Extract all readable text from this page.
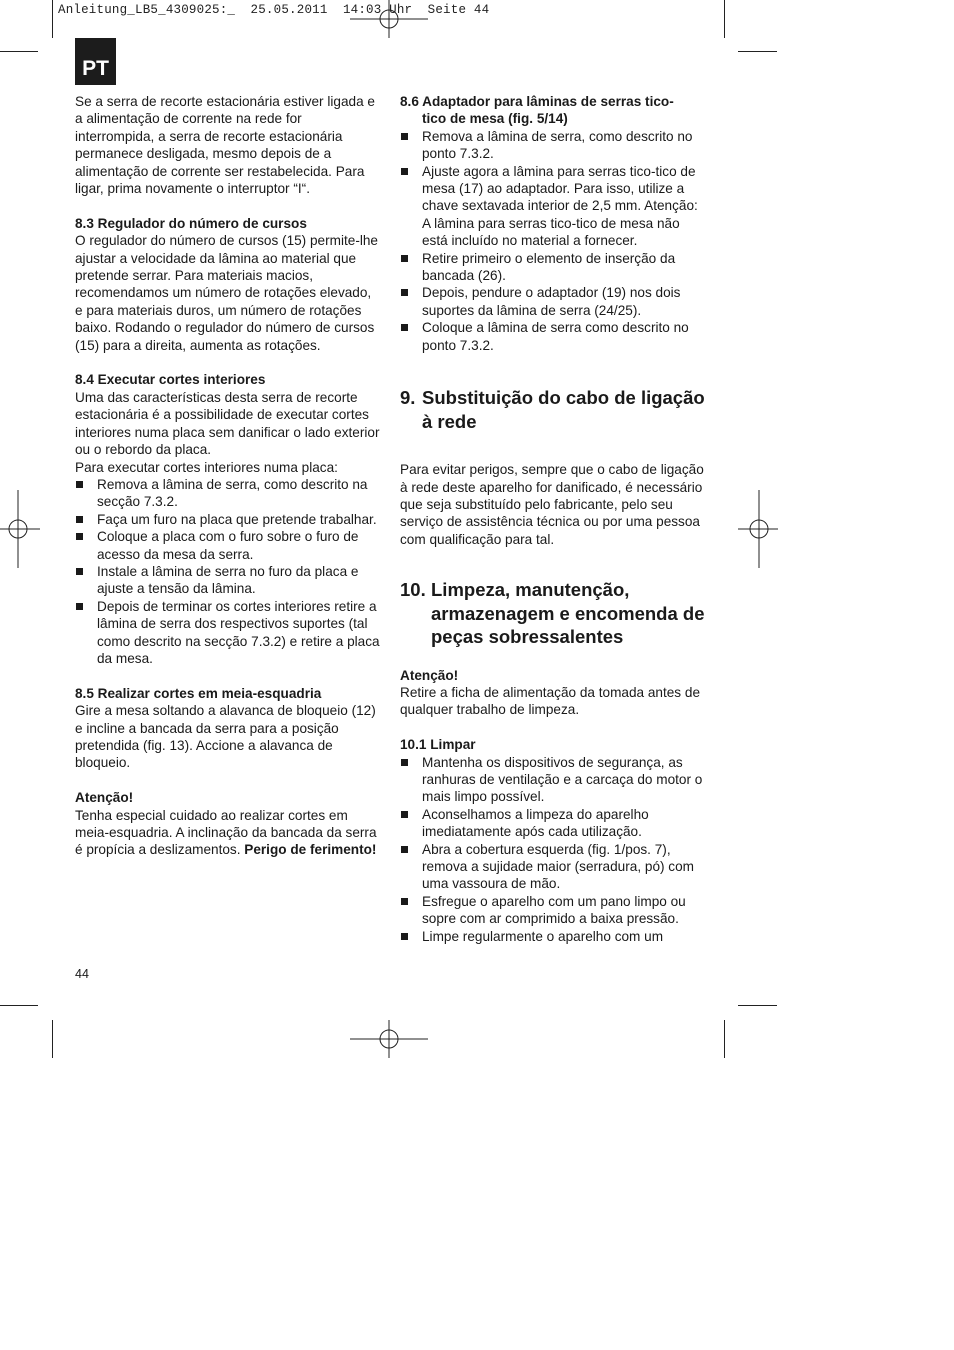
Anleitung_LB5_4309025:_  25.05.2011  14:03 Uhr  Seite 44
PT

Se a serra de recorte estacionária estiver ligada e a alimentação de corrente na rede for interrompida, a serra de recorte estacionária permanece desligada, mesmo depois de a alimentação de corrente ser restabelecida. Para ligar, prima novamente o interruptor “I“.

8.3 Regulador do número de cursos

O regulador do número de cursos (15) permite-lhe ajustar a velocidade da lâmina ao material que pretende serrar. Para materiais macios, recomendamos um número de rotações elevado, e para materiais duros, um número de rotações baixo. Rodando o regulador do número de cursos (15) para a direita, aumenta as rotações.

8.4 Executar cortes interiores

Uma das características desta serra de recorte estacionária é a possibilidade de executar cortes interiores numa placa sem danificar o lado exterior ou o rebordo da placa.

Para executar cortes interiores numa placa:

Remova a lâmina de serra, como descrito na secção 7.3.2.
Faça um furo na placa que pretende trabalhar.
Coloque a placa com o furo sobre o furo de acesso da mesa da serra.
Instale a lâmina de serra no furo da placa e ajuste a tensão da lâmina.
Depois de terminar os cortes interiores retire a lâmina de serra dos respectivos suportes (tal como descrito na secção 7.3.2) e retire a placa da mesa.

8.5 Realizar cortes em meia-esquadria

Gire a mesa soltando a alavanca de bloqueio (12) e incline a bancada da serra para a posição pretendida (fig. 13). Accione a alavanca de bloqueio.

Atenção!

Tenha especial cuidado ao realizar cortes em meia-esquadria. A inclinação da bancada da serra é propícia a deslizamentos. Perigo de ferimento!

8.6 Adaptador para lâminas de serras tico-
tico de mesa (fig. 5/14)

Remova a lâmina de serra, como descrito no ponto 7.3.2.
Ajuste agora a lâmina para serras tico-tico de mesa (17) ao adaptador. Para isso, utilize a chave sextavada interior de 2,5 mm. Atenção: A lâmina para serras tico-tico de mesa não está incluído no material a fornecer.
Retire primeiro o elemento de inserção da bancada (26).
Depois, pendure o adaptador (19) nos dois suportes da lâmina de serra (24/25).
Coloque a lâmina de serra como descrito no ponto 7.3.2.
9. Substituição do cabo de ligação à rede

Para evitar perigos, sempre que o cabo de ligação à rede deste aparelho for danificado, é necessário que seja substituído pelo fabricante, pelo seu serviço de assistência técnica ou por uma pessoa com qualificação para tal.

10. Limpeza, manutenção, armazenagem e encomenda de peças sobressalentes

Atenção!

Retire a ficha de alimentação da tomada antes de qualquer trabalho de limpeza.

10.1 Limpar

Mantenha os dispositivos de segurança, as ranhuras de ventilação e a carcaça do motor o mais limpo possível.
Aconselhamos a limpeza do aparelho imediatamente após cada utilização.
Abra a cobertura esquerda (fig. 1/pos. 7), remova a sujidade maior (serradura, pó) com uma vassoura de mão.
Esfregue o aparelho com um pano limpo ou sopre com ar comprimido a baixa pressão.
Limpe regularmente o aparelho com um
44
